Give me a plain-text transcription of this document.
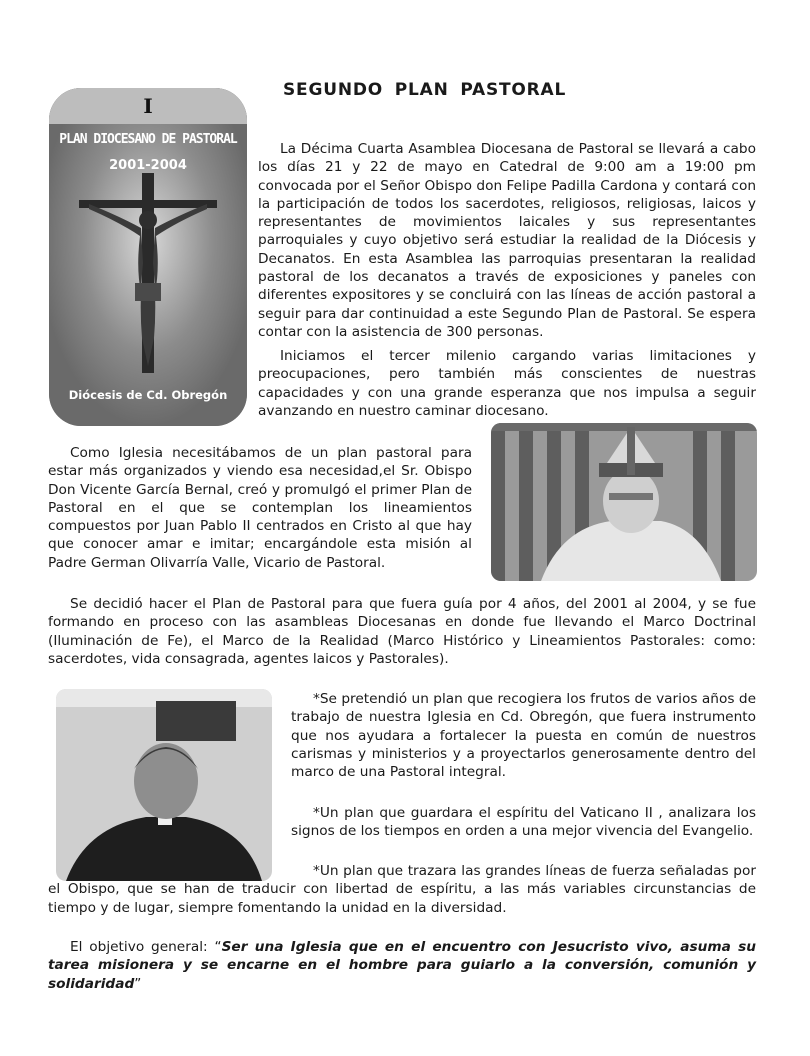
SEGUNDO PLAN PASTORAL
I
PLAN DIOCESANO DE PASTORAL
2001-2004
Diócesis de Cd. Obregón

La Décima Cuarta Asamblea Diocesana de Pastoral se llevará a cabo los días 21 y 22 de mayo en Catedral de 9:00 am a 19:00 pm convocada por el Señor Obispo don Felipe Padilla Cardona y contará con la participación de todos los sacerdotes, religiosos, religiosas, laicos y representantes de movimientos laicales y sus representantes parroquiales y cuyo objetivo será estudiar la realidad de la Diócesis y Decanatos. En esta Asamblea las parroquias presentaran la realidad pastoral de los decanatos a través de exposiciones y paneles con diferentes expositores y se concluirá con las líneas de acción pastoral a seguir para dar continuidad a este Segundo Plan de Pastoral. Se espera contar con la asistencia de 300 personas.

Iniciamos el tercer milenio cargando varias limitaciones y preocupaciones, pero también más conscientes de nuestras capacidades y con una grande esperanza que nos impulsa a seguir avanzando en nuestro caminar diocesano.

Como Iglesia necesitábamos de un plan pastoral para estar más organizados y viendo esa necesidad,el Sr. Obispo Don Vicente García Bernal, creó y promulgó el primer Plan de Pastoral en el que se contemplan los lineamientos compuestos por Juan Pablo II centrados en Cristo al que hay que conocer amar e imitar; encargándole esta misión al Padre German Olivarría Valle, Vicario de Pastoral.

Se decidió hacer el Plan de Pastoral para que fuera guía por 4 años, del 2001 al 2004, y se fue formando en proceso con las asambleas Diocesanas en donde fue llevando el Marco Doctrinal (Iluminación de Fe), el Marco de la Realidad (Marco Histórico y Lineamientos Pastorales: como: sacerdotes, vida consagrada, agentes laicos y Pastorales).

*Se pretendió un plan que recogiera los frutos de varios años de trabajo de nuestra Iglesia en Cd. Obregón, que fuera instrumento que nos ayudara a fortalecer la puesta en común de nuestros carismas y ministerios y a proyectarlos generosamente dentro del marco de una Pastoral integral.

*Un plan que guardara el espíritu del Vaticano II , analizara los signos de los tiempos en orden a una mejor vivencia del Evangelio.

*Un plan que trazara las grandes líneas de fuerza señaladas por el Obispo, que se han de traducir con libertad de espíritu, a las más variables circunstancias de tiempo y de lugar, siempre fomentando la unidad en la diversidad.

El objetivo general: “Ser una Iglesia que en el encuentro con Jesucristo vivo, asuma su tarea misionera y se encarne en el hombre para guiarlo a la conversión, comunión y solidaridad”
